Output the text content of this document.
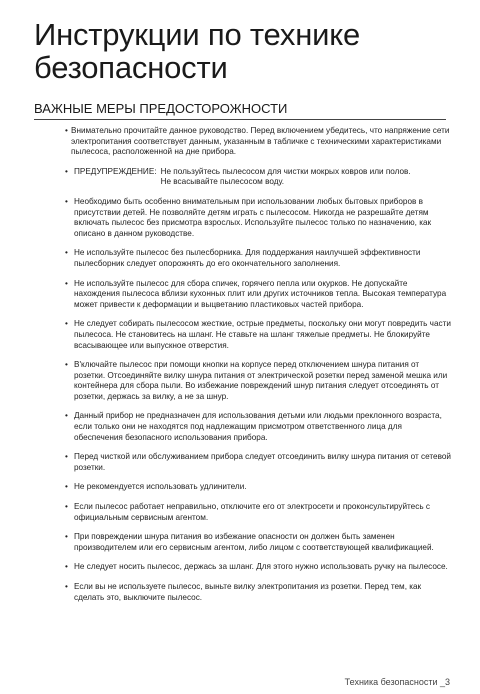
Инструкции по технике
безопасности
ВАЖНЫЕ МЕРЫ ПРЕДОСТОРОЖНОСТИ
• Внимательно прочитайте данное руководство. Перед включением убедитесь, что напряжение сети электропитания соответствует данным, указанным в табличке с техническими характеристиками пылесоса, расположенной на дне прибора.

• ПРЕДУПРЕЖДЕНИЕ: Не пользуйтесь пылесосом для чистки мокрых ковров или полов.
Не всасывайте пылесосом воду.
• Необходимо быть особенно внимательным при использовании любых бытовых приборов в присутствии детей. Не позволяйте детям играть с пылесосом. Никогда не разрешайте детям включать пылесос без присмотра взрослых. Используйте пылесос только по назначению, как описано в данном руководстве.

• Не используйте пылесос без пылесборника. Для поддержания наилучшей эффективности пылесборник следует опорожнять до его окончательного заполнения.

• Не используйте пылесос для сбора спичек, горячего пепла или окурков. Не допускайте нахождения пылесоса вблизи кухонных плит или других источников тепла. Высокая температура может привести к деформации и выцветанию пластиковых частей прибора.

• Не следует собирать пылесосом жесткие, острые предметы, поскольку они могут повредить части пылесоса. Не становитесь на шланг. Не ставьте на шланг тяжелые предметы. Не блокируйте всасывающее или выпускное отверстия.

• В'ключайте пылесос при помощи кнопки на корпусе перед отключением шнура питания от розетки. Отсоединяйте вилку шнура питания от электрической розетки перед заменой мешка или контейнера для сбора пыли. Во избежание повреждений шнур питания следует отсоединять от розетки, держась за вилку, а не за шнур.

• Данный прибор не предназначен для использования детьми или людьми преклонного возраста, если только они не находятся под надлежащим присмотром ответственного лица для обеспечения безопасного использования прибора.

• Перед чисткой или обслуживанием прибора следует отсоединить вилку шнура питания от сетевой розетки.

• Не рекомендуется использовать удлинители.

• Если пылесос работает неправильно, отключите его от электросети и проконсультируйтесь с официальным сервисным агентом.

• При повреждении шнура питания во избежание опасности он должен быть заменен производителем или его сервисным агентом, либо лицом с соответствующей квалификацией.

• Не следует носить пылесос, держась за шланг. Для этого нужно использовать ручку на пылесосе.

• Если вы не используете пылесос, выньте вилку электропитания из розетки. Перед тем, как сделать это, выключите пылесос.

Техника безопасности _3
